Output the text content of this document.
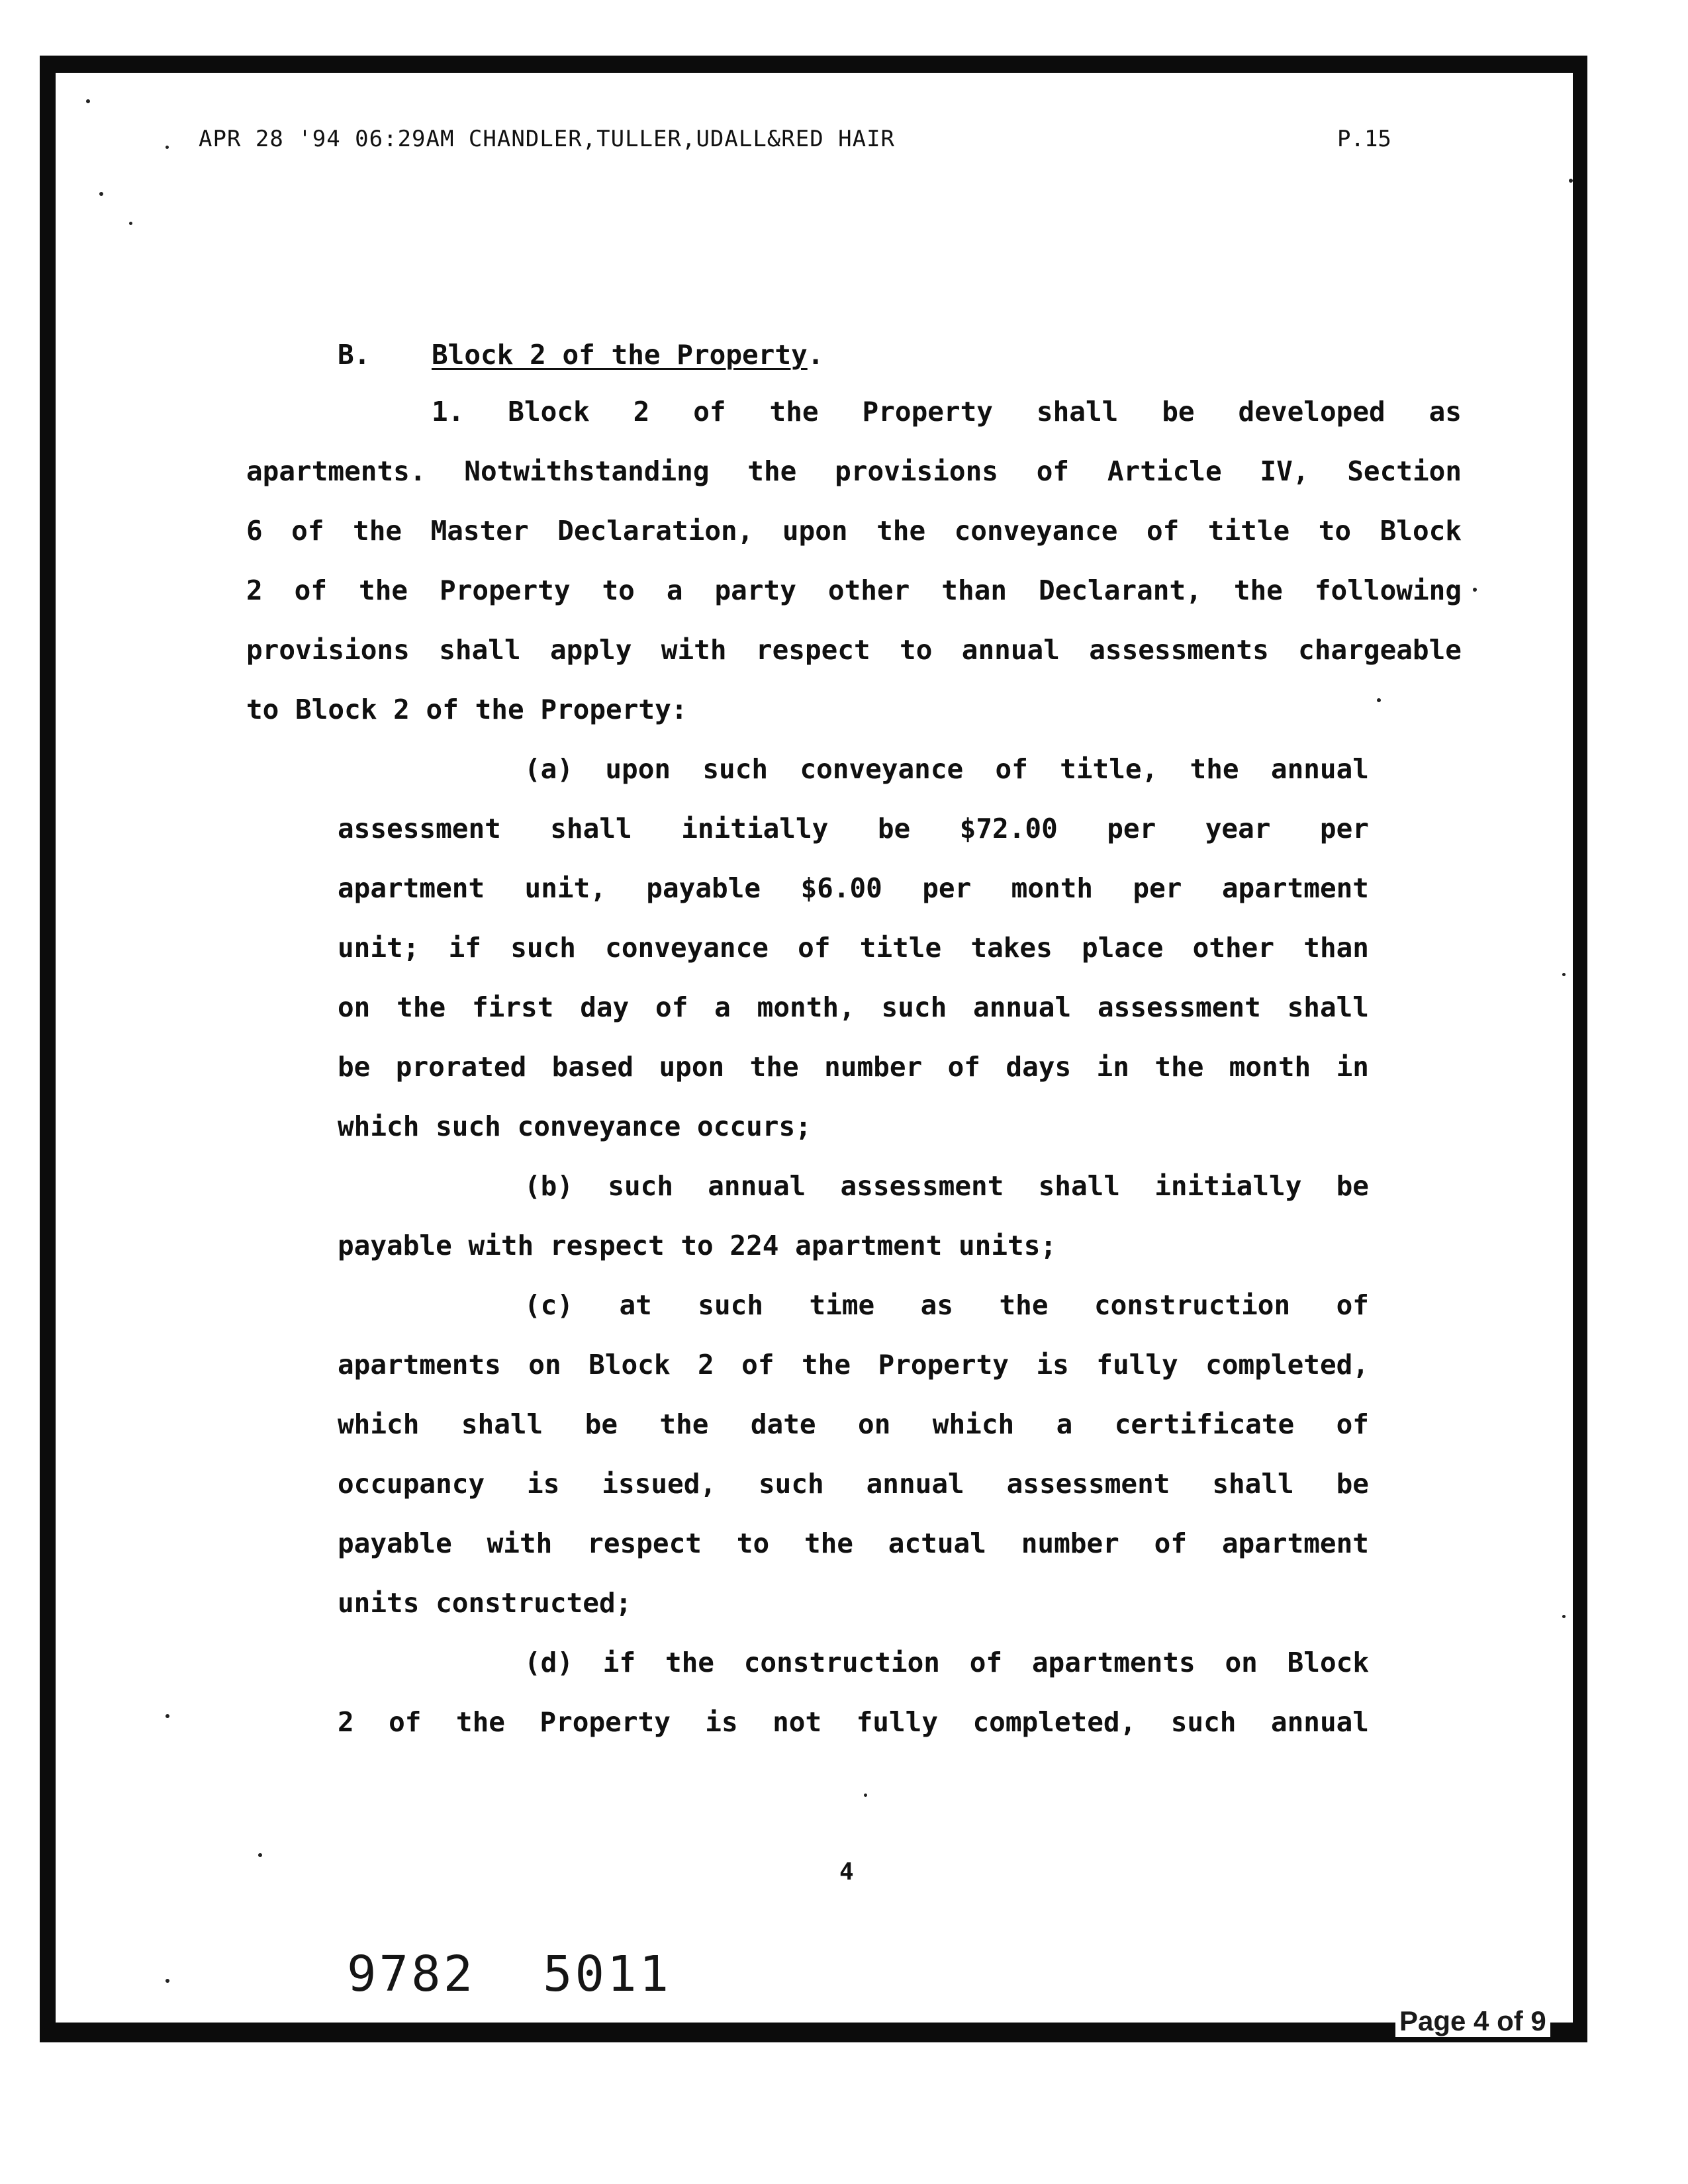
APR 28 '94 06:29AM CHANDLER,TULLER,UDALL&RED HAIR	P.15
B. Block 2 of the Property.
1. Block 2 of the Property shall be developed as
apartments. Notwithstanding the provisions of Article IV, Section
6 of the Master Declaration, upon the conveyance of title to Block
2 of the Property to a party other than Declarant, the following
provisions shall apply with respect to annual assessments chargeable
to Block 2 of the Property:
(a) upon such conveyance of title, the annual
assessment shall initially be $72.00 per year per
apartment unit, payable $6.00 per month per apartment
unit; if such conveyance of title takes place other than
on the first day of a month, such annual assessment shall
be prorated based upon the number of days in the month in
which such conveyance occurs;
(b) such annual assessment shall initially be
payable with respect to 224 apartment units;
(c) at such time as the construction of
apartments on Block 2 of the Property is fully completed,
which shall be the date on which a certificate of
occupancy is issued, such annual assessment shall be
payable with respect to the actual number of apartment
units constructed;
(d) if the construction of apartments on Block
2 of the Property is not fully completed, such annual
4
9782 5011
Page 4 of 9
